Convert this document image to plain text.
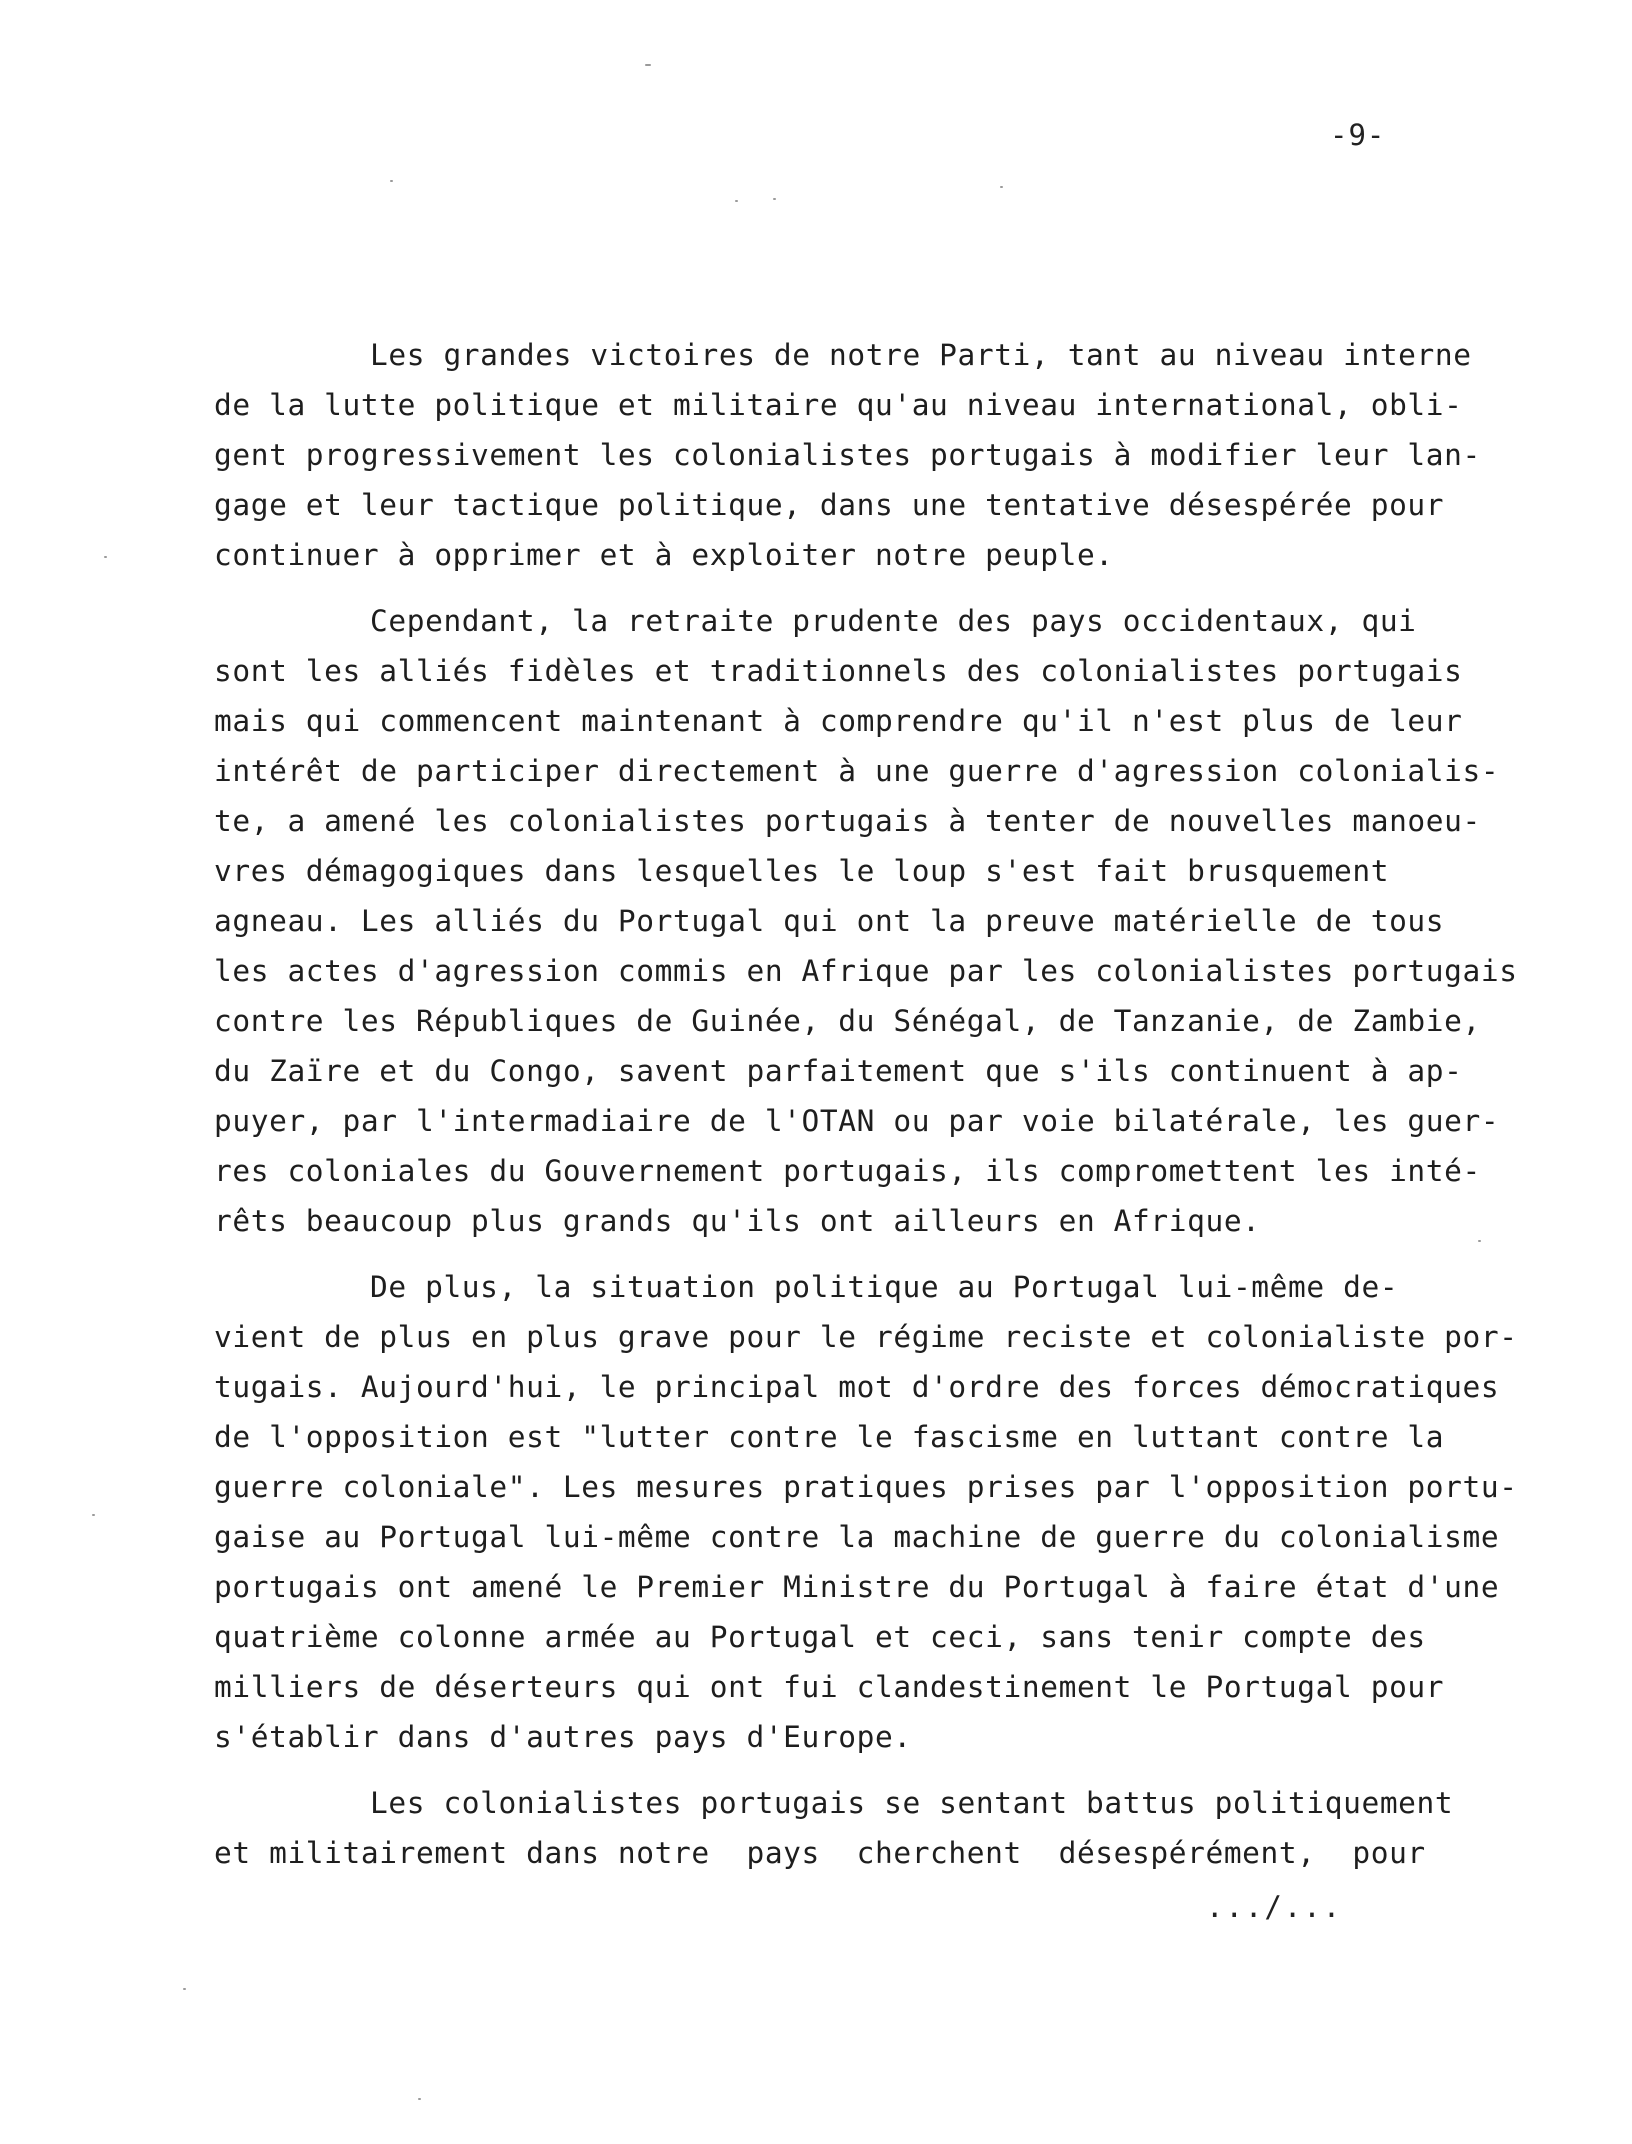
-9-
Les grandes victoires de notre Parti, tant au niveau interne
de la lutte politique et militaire qu'au niveau international, obli-
gent progressivement les colonialistes portugais à modifier leur lan-
gage et leur tactique politique, dans une tentative désespérée pour
continuer à opprimer et à exploiter notre peuple.
Cependant, la retraite prudente des pays occidentaux, qui
sont les alliés fidèles et traditionnels des colonialistes portugais
mais qui commencent maintenant à comprendre qu'il n'est plus de leur
intérêt de participer directement à une guerre d'agression colonialis-
te, a amené les colonialistes portugais à tenter de nouvelles manoeu-
vres démagogiques dans lesquelles le loup s'est fait brusquement
agneau. Les alliés du Portugal qui ont la preuve matérielle de tous
les actes d'agression commis en Afrique par les colonialistes portugais
contre les Républiques de Guinée, du Sénégal, de Tanzanie, de Zambie,
du Zaïre et du Congo, savent parfaitement que s'ils continuent à ap-
puyer, par l'intermadiaire de l'OTAN ou par voie bilatérale, les guer-
res coloniales du Gouvernement portugais, ils compromettent les inté-
rêts beaucoup plus grands qu'ils ont ailleurs en Afrique.
De plus, la situation politique au Portugal lui-même de-
vient de plus en plus grave pour le régime reciste et colonialiste por-
tugais. Aujourd'hui, le principal mot d'ordre des forces démocratiques
de l'opposition est "lutter contre le fascisme en luttant contre la
guerre coloniale". Les mesures pratiques prises par l'opposition portu-
gaise au Portugal lui-même contre la machine de guerre du colonialisme
portugais ont amené le Premier Ministre du Portugal à faire état d'une
quatrième colonne armée au Portugal et ceci, sans tenir compte des
milliers de déserteurs qui ont fui clandestinement le Portugal pour
s'établir dans d'autres pays d'Europe.
Les colonialistes portugais se sentant battus politiquement
et militairement dans notre  pays  cherchent  désespérément,  pour
.../...
